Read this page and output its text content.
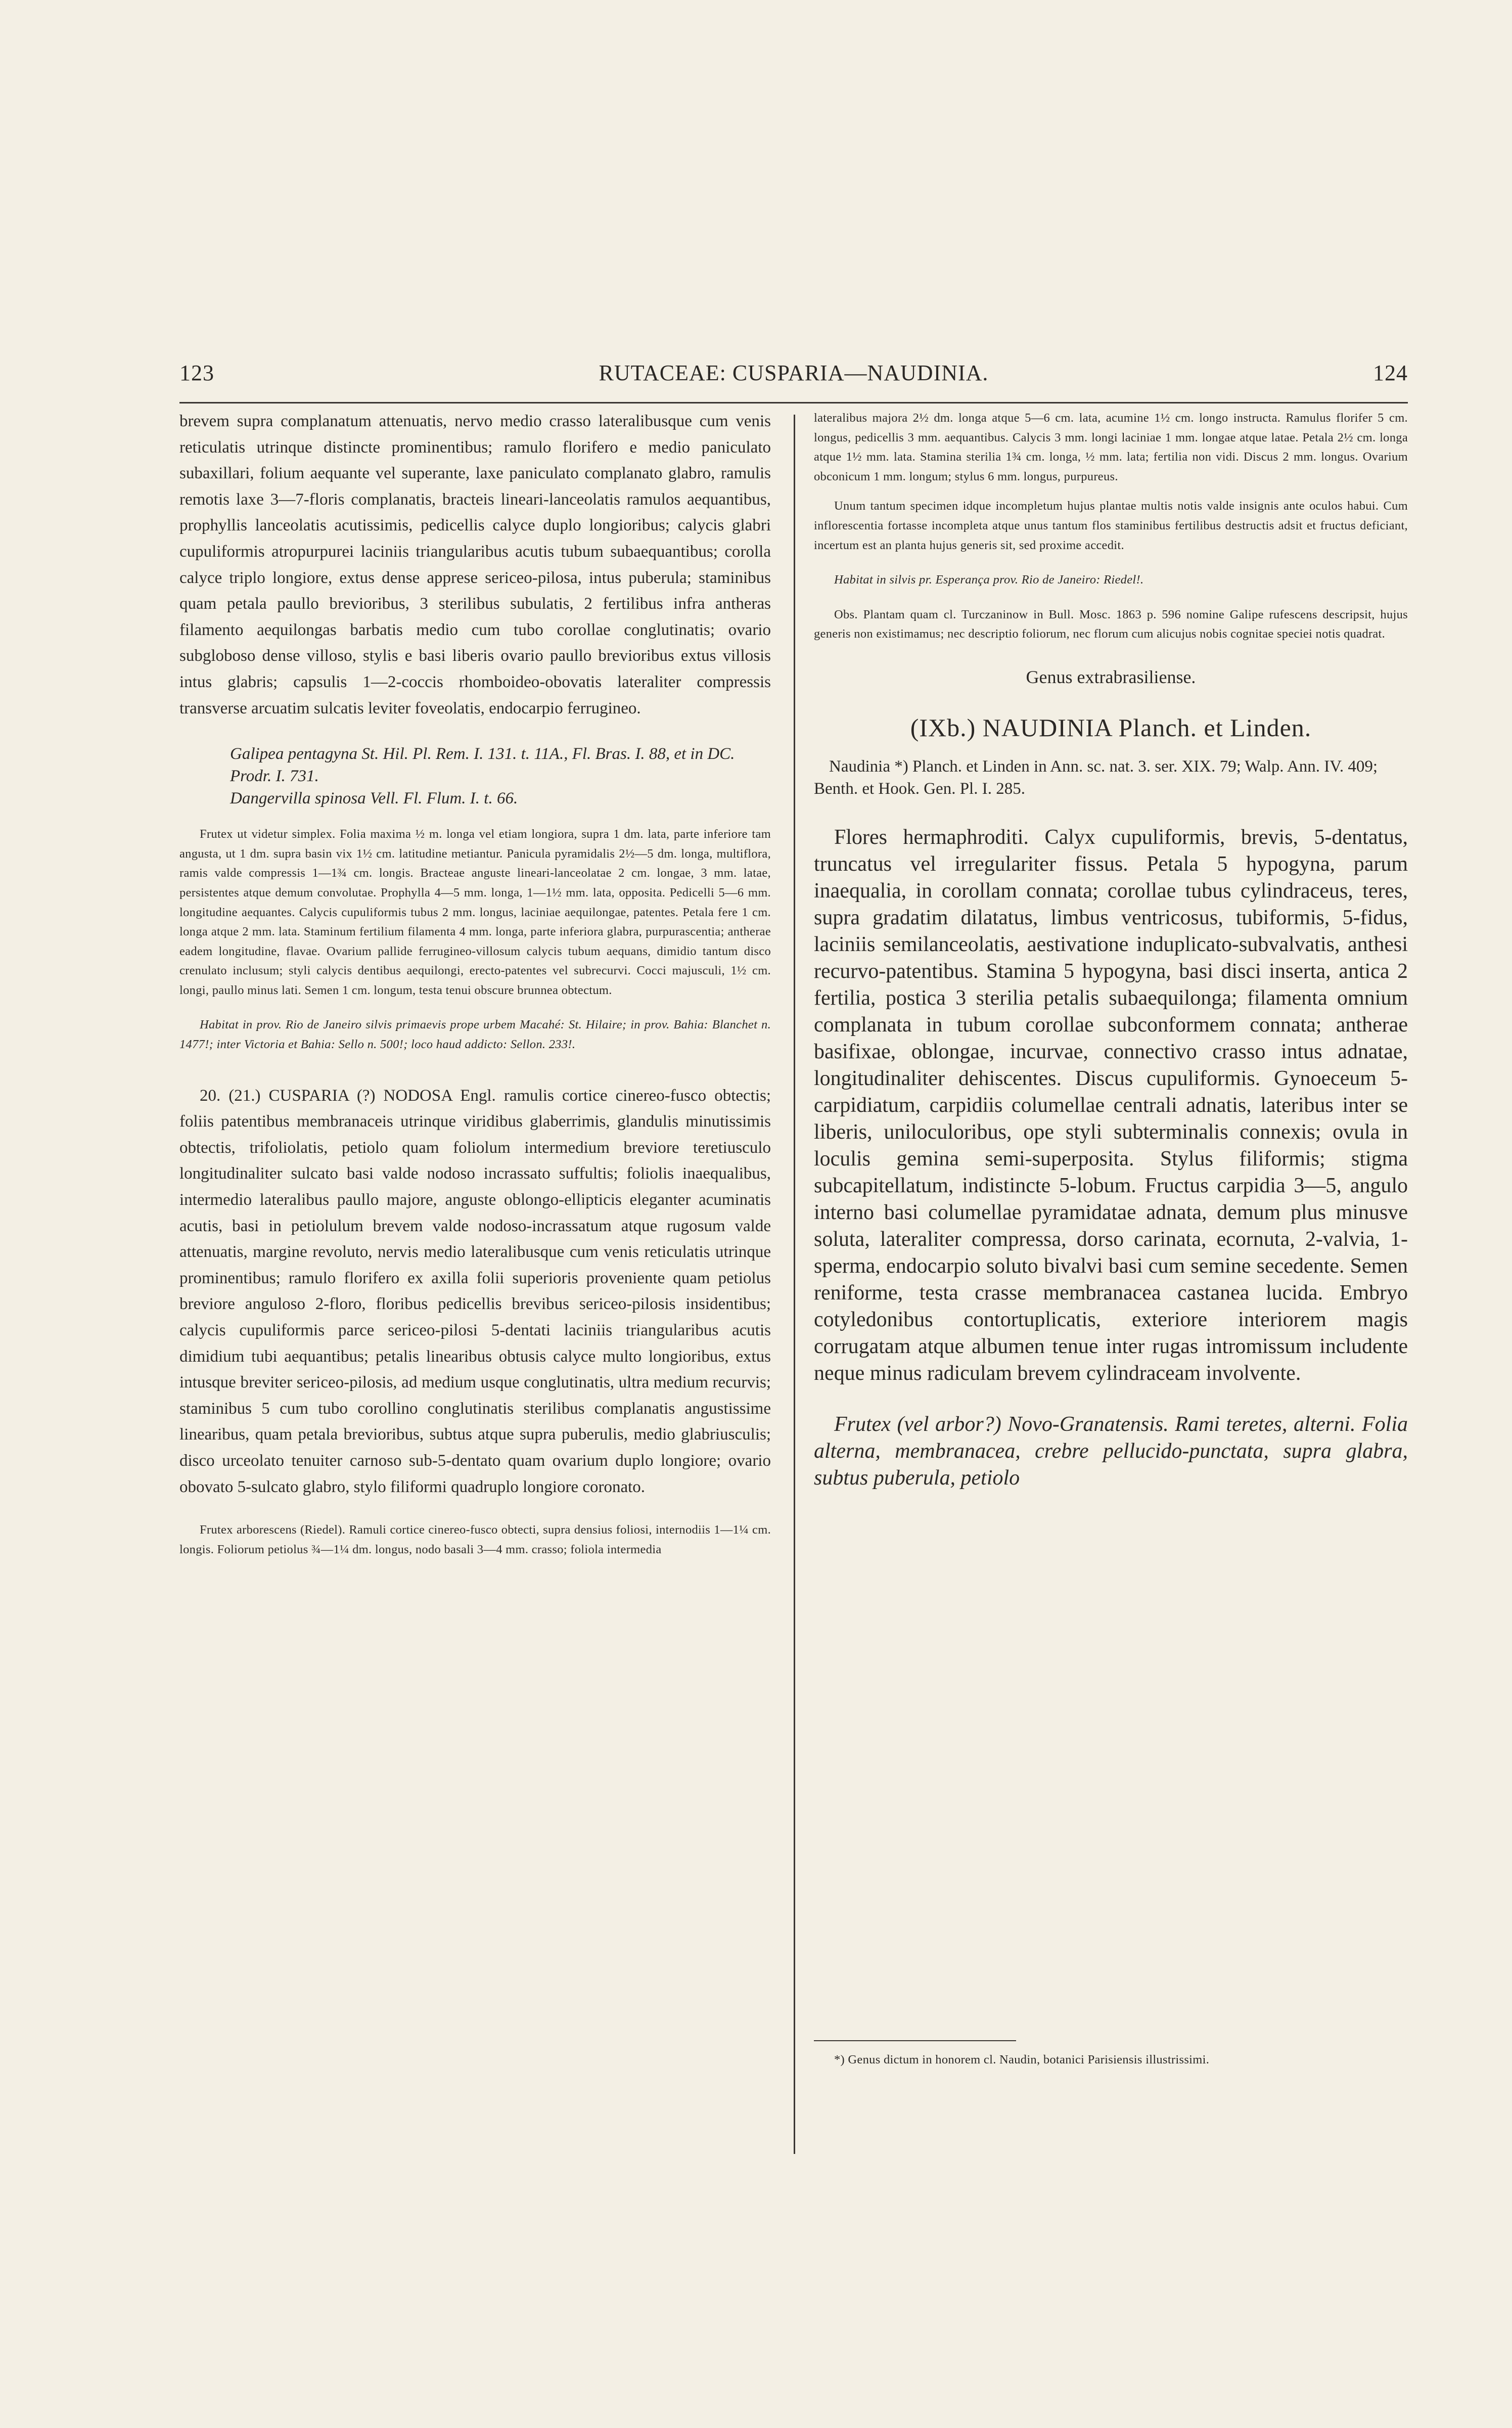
123	RUTACEAE: CUSPARIA—NAUDINIA.	124

brevem supra complanatum attenuatis, nervo medio crasso lateralibusque cum venis reticulatis utrinque distincte prominentibus; ramulo florifero e medio paniculato subaxillari, folium aequante vel superante, laxe paniculato complanato glabro, ramulis remotis laxe 3—7-floris complanatis, bracteis lineari-lanceolatis ramulos aequantibus, prophyllis lanceolatis acutissimis, pedicellis calyce duplo longioribus; calycis glabri cupuliformis atropurpurei laciniis triangularibus acutis tubum subaequantibus; corolla calyce triplo longiore, extus dense apprese sericeo-pilosa, intus puberula; staminibus quam petala paullo brevioribus, 3 sterilibus subulatis, 2 fertilibus infra antheras filamento aequilongas barbatis medio cum tubo corollae conglutinatis; ovario subgloboso dense villoso, stylis e basi liberis ovario paullo brevioribus extus villosis intus glabris; capsulis 1—2-coccis rhomboideo-obovatis lateraliter compressis transverse arcuatim sulcatis leviter foveolatis, endocarpio ferrugineo.

Galipea pentagyna St. Hil. Pl. Rem. I. 131. t. 11A., Fl. Bras. I. 88, et in DC. Prodr. I. 731.

Dangervilla spinosa Vell. Fl. Flum. I. t. 66.

Frutex ut videtur simplex. Folia maxima ½ m. longa vel etiam longiora, supra 1 dm. lata, parte inferiore tam angusta, ut 1 dm. supra basin vix 1½ cm. latitudine metiantur. Panicula pyramidalis 2½—5 dm. longa, multiflora, ramis valde compressis 1—1¾ cm. longis. Bracteae anguste lineari-lanceolatae 2 cm. longae, 3 mm. latae, persistentes atque demum convolutae. Prophylla 4—5 mm. longa, 1—1½ mm. lata, opposita. Pedicelli 5—6 mm. longitudine aequantes. Calycis cupuliformis tubus 2 mm. longus, laciniae aequilongae, patentes. Petala fere 1 cm. longa atque 2 mm. lata. Staminum fertilium filamenta 4 mm. longa, parte inferiora glabra, purpurascentia; antherae eadem longitudine, flavae. Ovarium pallide ferrugineo-villosum calycis tubum aequans, dimidio tantum disco crenulato inclusum; styli calycis dentibus aequilongi, erecto-patentes vel subrecurvi. Cocci majusculi, 1½ cm. longi, paullo minus lati. Semen 1 cm. longum, testa tenui obscure brunnea obtectum.

Habitat in prov. Rio de Janeiro silvis primaevis prope urbem Macahé: St. Hilaire; in prov. Bahia: Blanchet n. 1477!; inter Victoria et Bahia: Sello n. 500!; loco haud addicto: Sellon. 233!.

20. (21.) CUSPARIA (?) NODOSA Engl. ramulis cortice cinereo-fusco obtectis; foliis patentibus membranaceis utrinque viridibus glaberrimis, glandulis minutissimis obtectis, trifoliolatis, petiolo quam foliolum intermedium breviore teretiusculo longitudinaliter sulcato basi valde nodoso incrassato suffultis; foliolis inaequalibus, intermedio lateralibus paullo majore, anguste oblongo-ellipticis eleganter acuminatis acutis, basi in petiolulum brevem valde nodoso-incrassatum atque rugosum valde attenuatis, margine revoluto, nervis medio lateralibusque cum venis reticulatis utrinque prominentibus; ramulo florifero ex axilla folii superioris proveniente quam petiolus breviore anguloso 2-floro, floribus pedicellis brevibus sericeo-pilosis insidentibus; calycis cupuliformis parce sericeo-pilosi 5-dentati laciniis triangularibus acutis dimidium tubi aequantibus; petalis linearibus obtusis calyce multo longioribus, extus intusque breviter sericeo-pilosis, ad medium usque conglutinatis, ultra medium recurvis; staminibus 5 cum tubo corollino conglutinatis sterilibus complanatis angustissime linearibus, quam petala brevioribus, subtus atque supra puberulis, medio glabriusculis; disco urceolato tenuiter carnoso sub-5-dentato quam ovarium duplo longiore; ovario obovato 5-sulcato glabro, stylo filiformi quadruplo longiore coronato.

Frutex arborescens (Riedel). Ramuli cortice cinereo-fusco obtecti, supra densius foliosi, internodiis 1—1¼ cm. longis. Foliorum petiolus ¾—1¼ dm. longus, nodo basali 3—4 mm. crasso; foliola intermedia

lateralibus majora 2½ dm. longa atque 5—6 cm. lata, acumine 1½ cm. longo instructa. Ramulus florifer 5 cm. longus, pedicellis 3 mm. aequantibus. Calycis 3 mm. longi laciniae 1 mm. longae atque latae. Petala 2½ cm. longa atque 1½ mm. lata. Stamina sterilia 1¾ cm. longa, ½ mm. lata; fertilia non vidi. Discus 2 mm. longus. Ovarium obconicum 1 mm. longum; stylus 6 mm. longus, purpureus.

Unum tantum specimen idque incompletum hujus plantae multis notis valde insignis ante oculos habui. Cum inflorescentia fortasse incompleta atque unus tantum flos staminibus fertilibus destructis adsit et fructus deficiant, incertum est an planta hujus generis sit, sed proxime accedit.

Habitat in silvis pr. Esperança prov. Rio de Janeiro: Riedel!.

Obs. Plantam quam cl. Turczaninow in Bull. Mosc. 1863 p. 596 nomine Galipe rufescens descripsit, hujus generis non existimamus; nec descriptio foliorum, nec florum cum alicujus nobis cognitae speciei notis quadrat.

Genus extrabrasiliense.

(IXb.) NAUDINIA Planch. et Linden.

Naudinia *) Planch. et Linden in Ann. sc. nat. 3. ser. XIX. 79; Walp. Ann. IV. 409; Benth. et Hook. Gen. Pl. I. 285.

Flores hermaphroditi. Calyx cupuliformis, brevis, 5-dentatus, truncatus vel irregulariter fissus. Petala 5 hypogyna, parum inaequalia, in corollam connata; corollae tubus cylindraceus, teres, supra gradatim dilatatus, limbus ventricosus, tubiformis, 5-fidus, laciniis semilanceolatis, aestivatione induplicato-subvalvatis, anthesi recurvo-patentibus. Stamina 5 hypogyna, basi disci inserta, antica 2 fertilia, postica 3 sterilia petalis subaequilonga; filamenta omnium complanata in tubum corollae subconformem connata; antherae basifixae, oblongae, incurvae, connectivo crasso intus adnatae, longitudinaliter dehiscentes. Discus cupuliformis. Gynoeceum 5-carpidiatum, carpidiis columellae centrali adnatis, lateribus inter se liberis, uniloculoribus, ope styli subterminalis connexis; ovula in loculis gemina semi-superposita. Stylus filiformis; stigma subcapitellatum, indistincte 5-lobum. Fructus carpidia 3—5, angulo interno basi columellae pyramidatae adnata, demum plus minusve soluta, lateraliter compressa, dorso carinata, ecornuta, 2-valvia, 1-sperma, endocarpio soluto bivalvi basi cum semine secedente. Semen reniforme, testa crasse membranacea castanea lucida. Embryo cotyledonibus contortuplicatis, exteriore interiorem magis corrugatam atque albumen tenue inter rugas intromissum includente neque minus radiculam brevem cylindraceam involvente.

Frutex (vel arbor?) Novo-Granatensis. Rami teretes, alterni. Folia alterna, membranacea, crebre pellucido-punctata, supra glabra, subtus puberula, petiolo

*) Genus dictum in honorem cl. Naudin, botanici Parisiensis illustrissimi.
